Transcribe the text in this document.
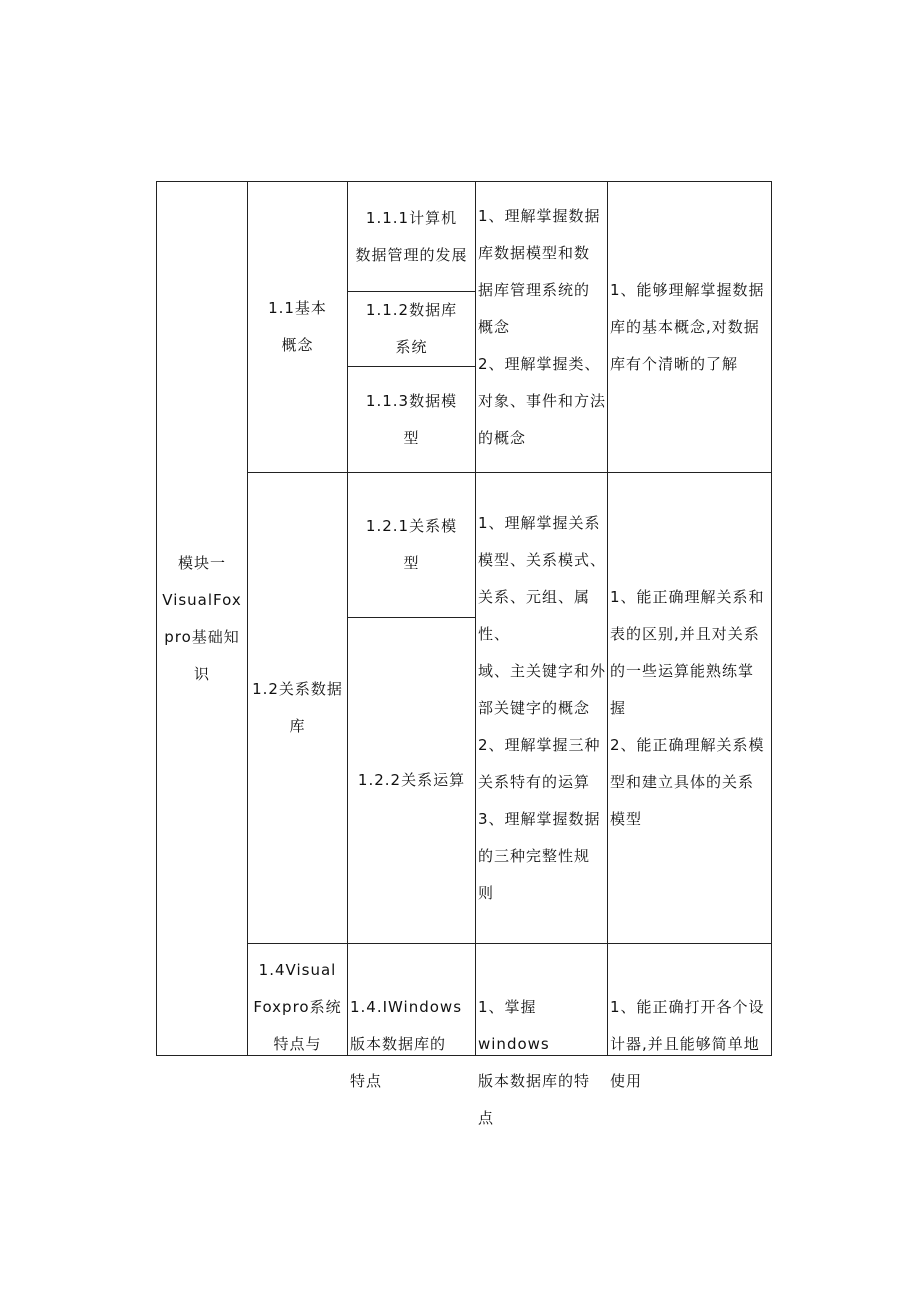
模块一
VisualFox
pro基础知
识
1.1基本
概念
1.1.1计算机
数据管理的发展
1.1.2数据库
系统
1.1.3数据模
型
1、理解掌握数据
库数据模型和数
据库管理系统的
概念
2、理解掌握类、
对象、事件和方法
的概念
1、能够理解掌握数据
库的基本概念,对数据
库有个清晰的了解
1.2关系数据
库
1.2.1关系模
型
1.2.2关系运算
1、理解掌握关系
模型、关系模式、
关系、元组、属性、
域、主关键字和外
部关键字的概念
2、理解掌握三种
关系特有的运算
3、理解掌握数据
的三种完整性规
则
1、能正确理解关系和
表的区别,并且对关系
的一些运算能熟练掌
握
2、能正确理解关系模
型和建立具体的关系
模型
1.4Visual
Foxpro系统
特点与

1.4.IWindows
版本数据库的
特点

1、掌握windows
版本数据库的特
点

1、能正确打开各个设
计器,并且能够简单地
使用
